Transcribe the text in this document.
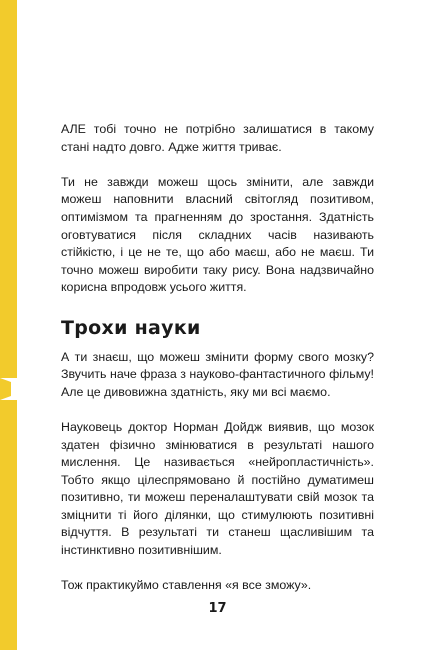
АЛЕ тобі точно не потрібно залишатися в такому стані надто довго. Адже життя триває.

Ти не завжди можеш щось змінити, але завжди можеш наповнити власний світогляд позитивом, оптимізмом та прагненням до зростання. Здатність оговтуватися після складних часів називають стійкістю, і це не те, що або маєш, або не маєш. Ти точно можеш виробити таку рису. Вона надзвичайно корисна впродовж усього життя.

Трохи науки

А ти знаєш, що можеш змінити форму свого мозку? Звучить наче фраза з науково-фантастичного фільму! Але це дивовижна здатність, яку ми всі маємо.

Науковець доктор Норман Дойдж виявив, що мозок здатен фізично змінюватися в результаті нашого мислення. Це називається «нейропластичність». Тобто якщо цілеспрямовано й постійно думатимеш позитивно, ти можеш переналаштувати свій мозок та зміцнити ті його ділянки, що стимулюють позитивні відчуття. В результаті ти станеш щасливішим та інстинктивно позитивнішим.

Тож практикуймо ставлення «я все зможу».

17
